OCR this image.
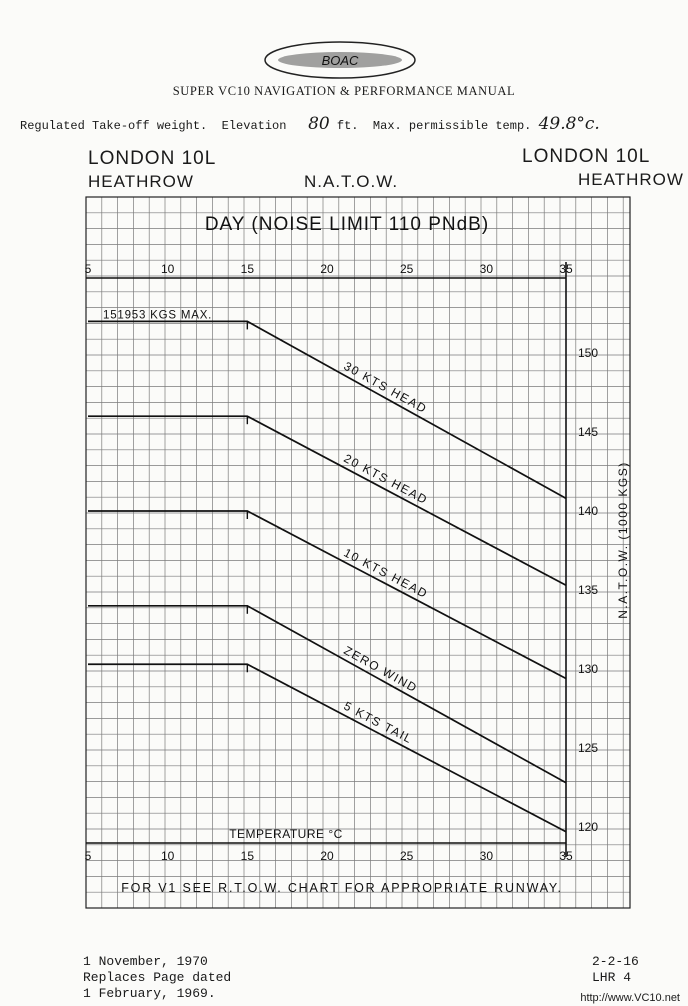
BOAC
SUPER VC10 NAVIGATION & PERFORMANCE MANUAL
Regulated Take-off weight. Elevation 80 ft. Max. permissible temp. 49.8°c.
LONDON 10L
HEATHROW
LONDON 10L
HEATHROW
N.A.T.O.W.
DAY (NOISE LIMIT 110 PNdB)
5
5
10
10
15
15
20
20
25
25
30
30
35
35
120
125
130
135
140
145
150
N.A.T.O.W. (1000 KGS)
TEMPERATURE °C
FOR V1 SEE R.T.O.W. CHART FOR APPROPRIATE RUNWAY.
151953 KGS MAX.
30 KTS HEAD
20 KTS HEAD
10 KTS HEAD
ZERO WIND
5 KTS TAIL
1 November, 1970
Replaces Page dated
1 February, 1969.
2-2-16
LHR 4
http://www.VC10.net
